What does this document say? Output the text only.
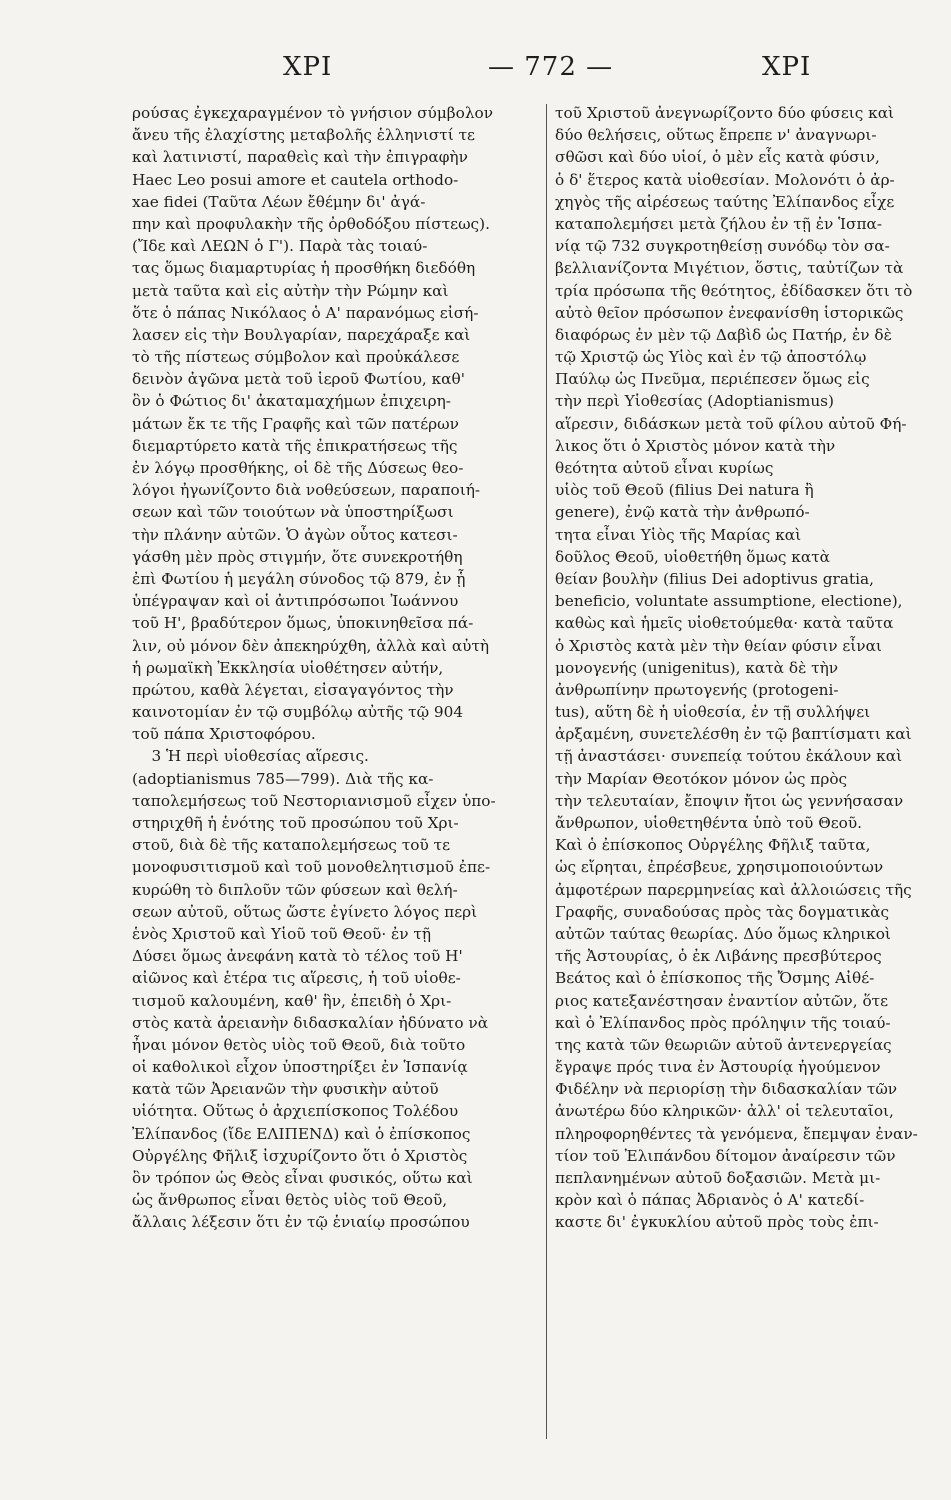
ΧΡΙ	— 772 —	ΧΡΙ
ρούσας ἐγκεχαραγμένον τὸ γνήσιον σύμβολον
ἄνευ τῆς ἐλαχίστης μεταβολῆς ἑλληνιστί τε
καὶ λατινιστί, παραθεὶς καὶ τὴν ἐπιγραφὴν
Haec Leo posui amore et cautela orthodo-
xae fidei (Ταῦτα Λέων ἔθέμην δι' ἀγά-
πην καὶ προφυλακὴν τῆς ὀρθοδόξου πίστεως).
(Ἴδε καὶ ΛΕΩΝ ὁ Γ'). Παρὰ τὰς τοιαύ-
τας ὅμως διαμαρτυρίας ἡ προσθήκη διεδόθη
μετὰ ταῦτα καὶ εἰς αὐτὴν τὴν Ρώμην καὶ
ὅτε ὁ πάπας Νικόλαος ὁ Α' παρανόμως εἰσή-
λασεν εἰς τὴν Βουλγαρίαν, παρεχάραξε καὶ
τὸ τῆς πίστεως σύμβολον καὶ προὐκάλεσε
δεινὸν ἀγῶνα μετὰ τοῦ ἱεροῦ Φωτίου, καθ'
ὃν ὁ Φώτιος δι' ἀκαταμαχήμων ἐπιχειρη-
μάτων ἔκ τε τῆς Γραφῆς καὶ τῶν πατέρων
διεμαρτύρετο κατὰ τῆς ἐπικρατήσεως τῆς
ἐν λόγῳ προσθήκης, οἱ δὲ τῆς Δύσεως θεο-
λόγοι ἠγωνίζοντο διὰ νοθεύσεων, παραποιή-
σεων καὶ τῶν τοιούτων νὰ ὑποστηρίξωσι
τὴν πλάνην αὐτῶν. Ὁ ἀγὼν οὗτος κατεσι-
γάσθη μὲν πρὸς στιγμήν, ὅτε συνεκροτήθη
ἐπὶ Φωτίου ἡ μεγάλη σύνοδος τῷ 879, ἐν ᾗ
ὑπέγραψαν καὶ οἱ ἀντιπρόσωποι Ἰωάννου
τοῦ Η', βραδύτερον ὅμως, ὑποκινηθεῖσα πά-
λιν, οὐ μόνον δὲν ἀπεκηρύχθη, ἀλλὰ καὶ αὐτὴ
ἡ ρωμαϊκὴ Ἐκκλησία υἱοθέτησεν αὐτήν,
πρώτου, καθὰ λέγεται, εἰσαγαγόντος τὴν
καινοτομίαν ἐν τῷ συμβόλῳ αὐτῆς τῷ 904
τοῦ πάπα Χριστοφόρου.
3 Ἡ περὶ υἱοθεσίας αἵρεσις.
(adoptianismus 785—799). Διὰ τῆς κα-
ταπολεμήσεως τοῦ Νεστοριανισμοῦ εἶχεν ὑπο-
στηριχθῆ ἡ ἑνότης τοῦ προσώπου τοῦ Χρι-
στοῦ, διὰ δὲ τῆς καταπολεμήσεως τοῦ τε
μονοφυσιτισμοῦ καὶ τοῦ μονοθελητισμοῦ ἐπε-
κυρώθη τὸ διπλοῦν τῶν φύσεων καὶ θελή-
σεων αὐτοῦ, οὕτως ὥστε ἐγίνετο λόγος περὶ
ἑνὸς Χριστοῦ καὶ Υἱοῦ τοῦ Θεοῦ· ἐν τῇ
Δύσει ὅμως ἀνεφάνη κατὰ τὸ τέλος τοῦ Η'
αἰῶνος καὶ ἑτέρα τις αἵρεσις, ἡ τοῦ υἱοθε-
τισμοῦ καλουμένη, καθ' ἣν, ἐπειδὴ ὁ Χρι-
στὸς κατὰ ἀρειανὴν διδασκαλίαν ἠδύνατο νὰ
ἦναι μόνον θετὸς υἱὸς τοῦ Θεοῦ, διὰ τοῦτο
οἱ καθολικοὶ εἶχον ὑποστηρίξει ἐν Ἱσπανίᾳ
κατὰ τῶν Ἀρειανῶν τὴν φυσικὴν αὐτοῦ
υἱότητα. Οὕτως ὁ ἀρχιεπίσκοπος Τολέδου
Ἐλίπανδος (ἴδε ΕΛΙΠΕΝΔ) καὶ ὁ ἐπίσκοπος
Οὐργέλης Φῆλιξ ἰσχυρίζοντο ὅτι ὁ Χριστὸς
ὃν τρόπον ὡς Θεὸς εἶναι φυσικός, οὕτω καὶ
ὡς ἄνθρωπος εἶναι θετὸς υἱὸς τοῦ Θεοῦ,
ἄλλαις λέξεσιν ὅτι ἐν τῷ ἑνιαίῳ προσώπου
τοῦ Χριστοῦ ἀνεγνωρίζοντο δύο φύσεις καὶ
δύο θελήσεις, οὕτως ἔπρεπε ν' ἀναγνωρι-
σθῶσι καὶ δύο υἱοί, ὁ μὲν εἷς κατὰ φύσιν,
ὁ δ' ἕτερος κατὰ υἱοθεσίαν. Μολονότι ὁ ἀρ-
χηγὸς τῆς αἱρέσεως ταύτης Ἐλίπανδος εἶχε
καταπολεμήσει μετὰ ζήλου ἐν τῇ ἐν Ἱσπα-
νίᾳ τῷ 732 συγκροτηθείσῃ συνόδῳ τὸν σα-
βελλιανίζοντα Μιγέτιον, ὅστις, ταὐτίζων τὰ
τρία πρόσωπα τῆς θεότητος, ἐδίδασκεν ὅτι τὸ
αὐτὸ θεῖον πρόσωπον ἐνεφανίσθη ἱστορικῶς
διαφόρως ἐν μὲν τῷ Δαβὶδ ὡς Πατήρ, ἐν δὲ
τῷ Χριστῷ ὡς Υἱὸς καὶ ἐν τῷ ἀποστόλῳ
Παύλῳ ὡς Πνεῦμα, περιέπεσεν ὅμως εἰς
τὴν περὶ Υἱοθεσίας (Adoptianismus)
αἵρεσιν, διδάσκων μετὰ τοῦ φίλου αὐτοῦ Φή-
λικος ὅτι ὁ Χριστὸς μόνον κατὰ τὴν
θεότητα αὐτοῦ εἶναι κυρίως
υἱὸς τοῦ Θεοῦ (filius Dei natura ἢ
genere), ἐνῷ κατὰ τὴν ἀνθρωπό-
τητα εἶναι Υἱὸς τῆς Μαρίας καὶ
δοῦλος Θεοῦ, υἱοθετήθη ὅμως κατὰ
θείαν βουλὴν (filius Dei adoptivus gratia,
beneficio, voluntate assumptione, electione),
καθὼς καὶ ἡμεῖς υἱοθετούμεθα· κατὰ ταῦτα
ὁ Χριστὸς κατὰ μὲν τὴν θείαν φύσιν εἶναι
μονογενής (unigenitus), κατὰ δὲ τὴν
ἀνθρωπίνην πρωτογενής (protogeni-
tus), αὕτη δὲ ἡ υἱοθεσία, ἐν τῇ συλλήψει
ἀρξαμένη, συνετελέσθη ἐν τῷ βαπτίσματι καὶ
τῇ ἀναστάσει· συνεπείᾳ τούτου ἐκάλουν καὶ
τὴν Μαρίαν Θεοτόκον μόνον ὡς πρὸς
τὴν τελευταίαν, ἔποψιν ἤτοι ὡς γεννήσασαν
ἄνθρωπον, υἱοθετηθέντα ὑπὸ τοῦ Θεοῦ.
Καὶ ὁ ἐπίσκοπος Οὐργέλης Φῆλιξ ταῦτα,
ὡς εἴρηται, ἐπρέσβευε, χρησιμοποιούντων
ἀμφοτέρων παρερμηνείας καὶ ἀλλοιώσεις τῆς
Γραφῆς, συναδούσας πρὸς τὰς δογματικὰς
αὐτῶν ταύτας θεωρίας. Δύο ὅμως κληρικοὶ
τῆς Ἀστουρίας, ὁ ἐκ Λιβάνης πρεσβύτερος
Βεάτος καὶ ὁ ἐπίσκοπος τῆς Ὄσμης Αἰθέ-
ριος κατεξανέστησαν ἐναντίον αὐτῶν, ὅτε
καὶ ὁ Ἐλίπανδος πρὸς πρόληψιν τῆς τοιαύ-
της κατὰ τῶν θεωριῶν αὐτοῦ ἀντενεργείας
ἔγραψε πρός τινα ἐν Ἀστουρίᾳ ἡγούμενον
Φιδέλην νὰ περιορίσῃ τὴν διδασκαλίαν τῶν
ἀνωτέρω δύο κληρικῶν· ἀλλ' οἱ τελευταῖοι,
πληροφορηθέντες τὰ γενόμενα, ἔπεμψαν ἐναν-
τίον τοῦ Ἐλιπάνδου δίτομον ἀναίρεσιν τῶν
πεπλανημένων αὐτοῦ δοξασιῶν. Μετὰ μι-
κρὸν καὶ ὁ πάπας Ἀδριανὸς ὁ Α' κατεδί-
καστε δι' ἐγκυκλίου αὐτοῦ πρὸς τοὺς ἐπι-
